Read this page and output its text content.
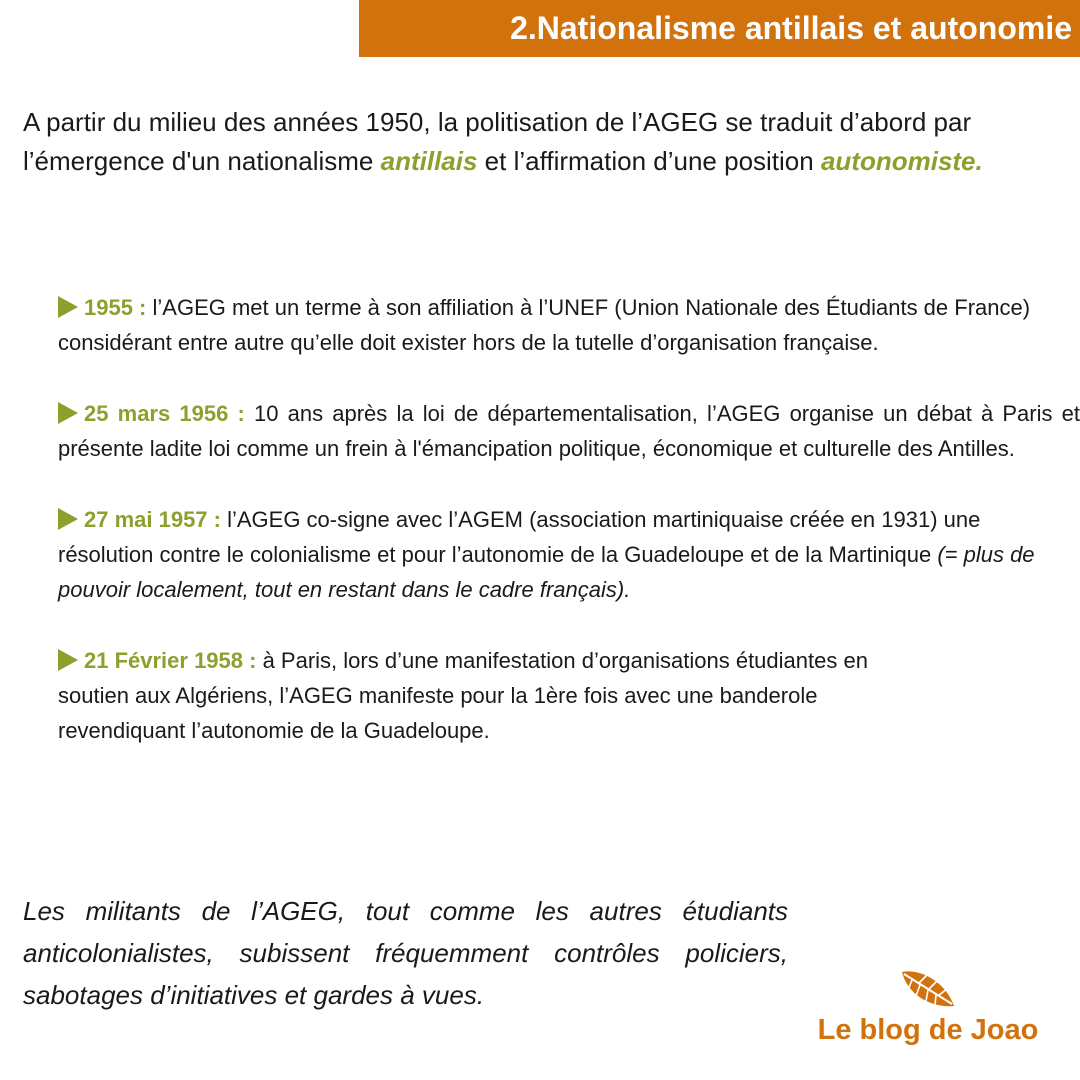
2.Nationalisme antillais et autonomie

A partir du milieu des années 1950, la politisation de l’AGEG se traduit d’abord par l’émergence d'un nationalisme antillais et l’affirmation d’une position autonomiste.

1955 : l’AGEG met un terme à son affiliation à l’UNEF (Union Nationale des Étudiants de France) considérant entre autre qu’elle doit exister hors de la tutelle d’organisation française.

25 mars 1956 : 10 ans après la loi de départementalisation, l’AGEG organise un débat à Paris et présente ladite loi comme un frein à l'émancipation politique, économique et culturelle des Antilles.

27 mai 1957 : l’AGEG co-signe avec l’AGEM (association martiniquaise créée en 1931) une résolution contre le colonialisme et pour l’autonomie de la Guadeloupe et de la Martinique (= plus de pouvoir localement, tout en restant dans le cadre français).

21 Février 1958 : à Paris, lors d’une manifestation d’organisations étudiantes en soutien aux Algériens, l’AGEG manifeste pour la 1ère fois avec une banderole revendiquant l’autonomie de la Guadeloupe.

Les militants de l’AGEG, tout comme les autres étudiants anticolonialistes, subissent fréquemment contrôles policiers, sabotages d’initiatives et gardes à vues.

Le blog de Joao
